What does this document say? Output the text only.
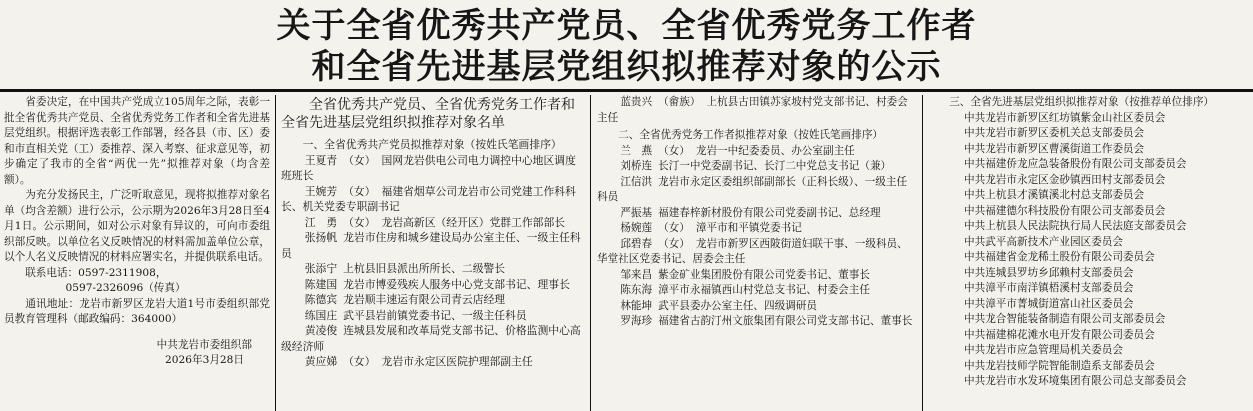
关于全省优秀共产党员、全省优秀党务工作者
和全省先进基层党组织拟推荐对象的公示

省委决定，在中国共产党成立105周年之际，表彰一批全省优秀共产党员、全省优秀党务工作者和全省先进基层党组织。根据评选表彰工作部署，经各县（市、区）委和市直相关党（工）委推荐、深入考察、征求意见等，初步确定了我市的全省“两优一先”拟推荐对象（均含差额）。

为充分发扬民主，广泛听取意见，现将拟推荐对象名单（均含差额）进行公示，公示期为2026年3月28日至4月1日。公示期间，如对公示对象有异议的，可向市委组织部反映。以单位名义反映情况的材料需加盖单位公章，以个人名义反映情况的材料应署实名，并提供联系电话。

联系电话：0597-2311908，

0597-2326096（传真）

通讯地址：龙岩市新罗区龙岩大道1号市委组织部党员教育管理科（邮政编码：364000）

中共龙岩市委组织部

2026年3月28日

全省优秀共产党员、全省优秀党务工作者和全省先进基层党组织拟推荐对象名单

一、全省优秀共产党员拟推荐对象（按姓氏笔画排序）

王夏青 （女） 国网龙岩供电公司电力调控中心地区调度班班长

王婉芳 （女） 福建省烟草公司龙岩市公司党建工作科科长、机关党委专职副书记

江　勇 （女） 龙岩高新区（经开区）党群工作部部长

张扬帆 龙岩市住房和城乡建设局办公室主任、一级主任科员

张添宁 上杭县旧县派出所所长、二级警长

陈建国 龙岩市博爱残疾人服务中心党支部书记、理事长

陈德宾 龙岩顺丰速运有限公司青云店经理

练国庄 武平县岩前镇党委书记、一级主任科员

黄凌俊 连城县发展和改革局党支部书记、价格监测中心高级经济师

黄应娣 （女） 龙岩市永定区医院护理部副主任

蓝贵兴 （畲族） 上杭县古田镇苏家坡村党支部书记、村委会主任

二、全省优秀党务工作者拟推荐对象（按姓氏笔画排序）

兰　燕 （女） 龙岩一中纪委委员、办公室副主任

刘桥连 长汀一中党委副书记、长汀二中党总支书记（兼）

江信洪 龙岩市永定区委组织部副部长（正科长级）、一级主任科员

严振基 福建春梓新材股份有限公司党委副书记、总经理

杨婉莲 （女） 漳平市和平镇党委书记

邱碧春 （女） 龙岩市新罗区西陂街道妇联干事、一级科员、华堂社区党委书记、居委会主任

邹来昌 紫金矿业集团股份有限公司党委书记、董事长

陈东海 漳平市永福镇西山村党总支书记、村委会主任

林能坤 武平县委办公室主任、四级调研员

罗海珍 福建省古韵汀州文旅集团有限公司党支部书记、董事长

三、全省先进基层党组织拟推荐对象（按推荐单位排序）

中共龙岩市新罗区红坊镇紫金山社区委员会

中共龙岩市新罗区委机关总支部委员会

中共龙岩市新罗区曹溪街道工作委员会

中共福建侨龙应急装备股份有限公司支部委员会

中共龙岩市永定区金砂镇西田村支部委员会

中共上杭县才溪镇溪北村总支部委员会

中共福建德尔科技股份有限公司支部委员会

中共上杭县人民法院执行局人民法庭支部委员会

中共武平高新技术产业园区委员会

中共福建省金龙稀土股份有限公司委员会

中共连城县罗坊乡邱赖村支部委员会

中共漳平市南洋镇梧溪村支部委员会

中共漳平市菁城街道富山社区委员会

中共龙合智能装备制造有限公司支部委员会

中共福建棉花滩水电开发有限公司委员会

中共龙岩市应急管理局机关委员会

中共龙岩技师学院智能制造系支部委员会

中共龙岩市水发环境集团有限公司总支部委员会
